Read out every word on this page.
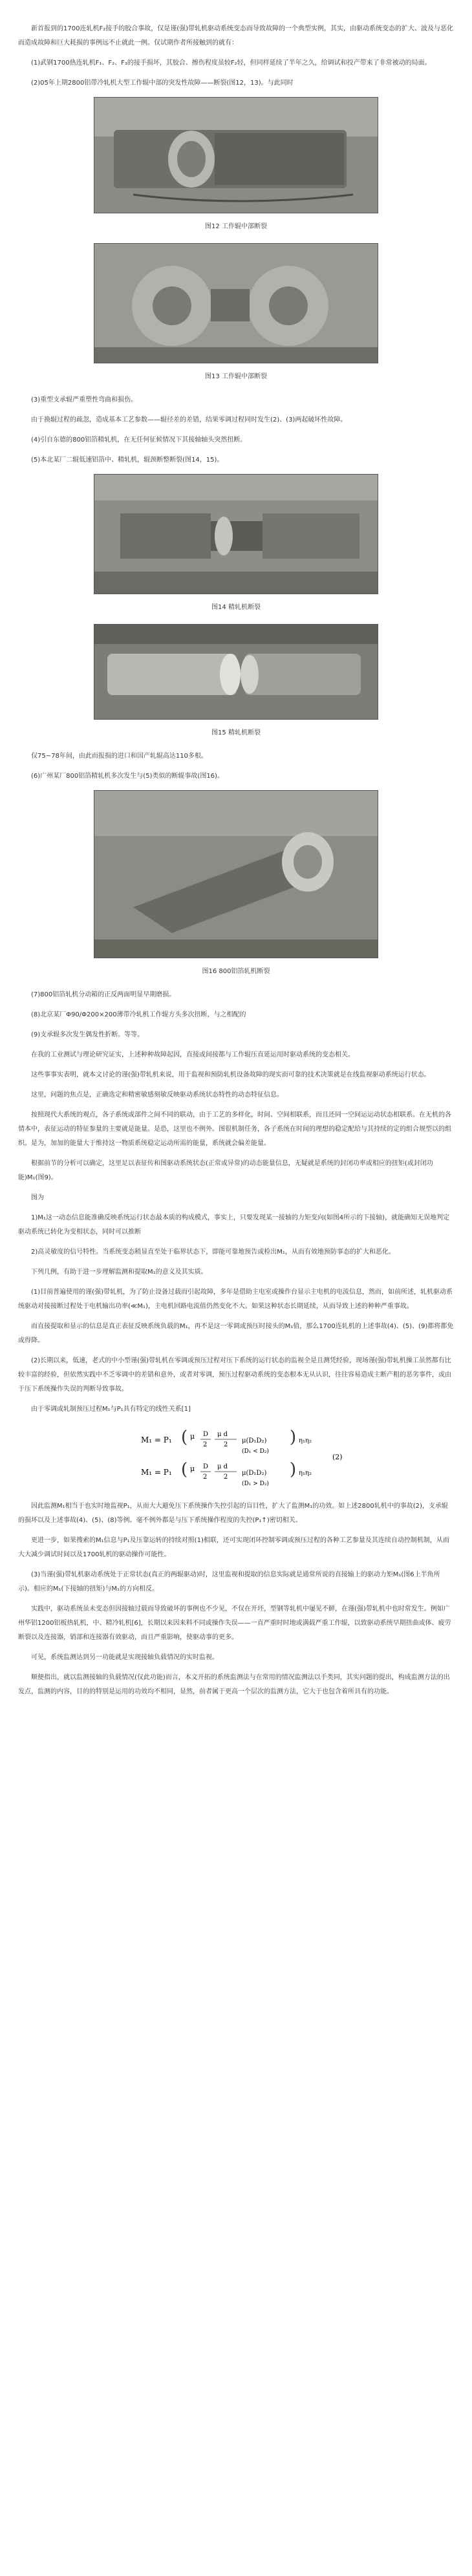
新首报到的1700连轧机F₂接手的胶合事故，仅是谨(强)带轧机驱动系统变态而导致故障的一个典型实例，其实，由驱动系统变态的扩大、波及与恶化而造成故障和巨大耗损的事例远不止就此一例。仅试期作者所接触到的就有：

(1)武钢1700热连轧机F₁、F₂、F₃的接手损坏，其胶合、擦伤程度虽较F₂轻，但同样延续了半年之久，给调试和投产带来了非常被动的局面。

(2)05年上期2800铝带冷轧机大型工作辊中部的突发性故障——断裂(图12，13)。与此同时

图12 工作辊中部断裂
图13 工作辊中部断裂

(3)重型支承辊严重塑性弯曲和损伤。

由于换辊过程的疏忽，造成基本工艺参数——辊径差的差错，结果零调过程同时发生(2)、(3)两起破坏性故障。

(4)引自东德的800铝箔精轧机，在无任何征候情况下其接轴轴头突然扭断。

(5)本北某厂二辊低速铝箔中、精轧机，辊颈断整断裂(图14，15)。

图14 精轧机断裂
图15 精轧机断裂

仅75~78年间，由此而报损的进口和国产轧辊高达110多根。

(6)广州某厂800铝箔精轧机多次发生与(5)类似的断辊事故(图16)。

图16 800铝箔轧机断裂

(7)800铝箔轧机分动箱的正反两面明显早期磨损。

(8)北京某厂Φ90/Φ200×200薄带冷轧机工作辊方头多次扭断，与之相配的

(9)支承辊多次发生偶发性折断。等等。

在我的工业测试与理论研究证实，上述种种故障起因，直接或间接都与工作辊压直延运用时驱动系统的变态相关。

这些事事实表明，就本文讨论的谨(强)带轧机来说，用于监视和预防轧机设备故障的现实而可靠的技术决策就是在线监视驱动系统运行状态。

这里，问题的焦点是，正确选定和精密敏感刻敏反映驱动系统状态特性的动态特征信息。

按照现代大系统的观点，各子系统或部件之间不同的联动，由于工艺的多样化，时间、空间相联系，而且还同一空间运运动状态相联系。在无机的各情本中，表征运动的特征参量的主要就是能量。是恐，这里也不例外。图很机制任务，各子系统在时间的理想的稳定配给与其持续的定的组合规型以的组织。是为，加加的能量大于维持这一物质系统稳定运动所需的能量，系统就会偏差能量。

根据前节的分析可以确定，这里足以表征传和图驱动系统状态(正常或异常)的动态能量信息，无疑就是系统的封闭功率或相应的扭矩(或封闭功能)M₁(图9)。

图为

1)M₁这一动态信息能准确反映系统运行状态最本质的构成模式，事实上，只要发现某一接轴的力矩变向(如图4所示的下接轴)，就能确知无误地判定驱动系统已转化为变相状态，同时可以推断

2)高灵敏度的信号特性。当系统变态稍显直至处于临界状态下，即能可靠地预告或检出M₁，从而有效地预防事态的扩大和恶化。

下列几例，有助于进一步理解监测和提取M₁的意义及其实质。

(1)目前普遍使用的谨(强)带轧机，为了防止设备过载而引起故障，多年是借助主电室或操作台显示主电机的电流信息，然而，如前所述，轧机驱动系统驱动对接接断过程处于电机输出功率(≪M₁)，主电机回路电流值仍然变化不大。如果这种状态长期延续，从而导致上述的种种严重事故。

而直接提取和显示的信息是真正表征反映系统负载的M₁，再不是这一零调或预压时接头的M₁值，那么1700连轧机的上述事故(4)、(5)、(9)都将都免或得降。

(2)长期以来，低速，老式的中小型谨(强)带轧机在零调或预压过程对压下系统的运行状态的监视全是且测凭经验，现场谨(强)带轧机操工虽然都有比较丰富的经验，但依然实践中不乏零调中的差错和意外，或者对零调，预压过程驱动系统的变态根本无从认识，往往容易造成主断产粗的恶劣事件，或由于压下系统操作失误的判断导致事故。

由于零调或轧制预压过程M₁与P₁具有特定的线性关系[1]

M₁ = P₁ ( μ D
2
μ d
2
μ(D₁D₂) ) η₁η₂
(D₁ < D₂)
M₁ = P₁ ( μ D
2
μ d
2
μ(D₁D₂) ) η₁η₂
(D₁ > D₂)
(2)

因此监测M₁相当于也实时地监视P₁，从而大大避免压下系统操作失控引起的盲目性，扩大了监测M₁的功效。如上述2800轧机中的事故(2)，支承辊的损坏以及上述事故(4)、(5)、(8)等例。毫不例外都是与压下系统操作程度的失控(P₁↑)密切相关。

更进一步，如果搜索的M₁信息与P₁及压靠运转的持续对照(1)相联，还可实现闭环控制零调或预压过程的各种工艺参量及其连续自动控制机制，从而大大减少调试时间以及1700轧机的驱动操作可能性。

(3)当谨(强)带轧机驱动系统处于正常状态(真正的两辊驱动)时，这里监视和提取的信息实际就是通常所说的直接输上的驱动力矩M₁(图6上半角所示)。相应的M₁(下接轴的扭矩)与M₁的方向相反。

实践中，驱动系统虽未变态但因接轴过载而导致破坏的事例也不少见，不仅在开坯，型钢等轧机中屡见不鲜，在谨(强)带轧机中也时常发生。例如广州华铝1200铝板热轧机，中、精冷轧机[6]，长期以来因来料不同或操作失误——一直严重时时地或满载严重工作辊，以致驱动系统早期扭曲或体、疲劳断裂以及连接器，销部和连接器有效驱动，而且严重影响，使驱动事的更多。

可见，系统监测达到另一功能就是实现接轴负载情况的实时监视。

顺便指出，就以监测接轴的负载情况(仅此功能)而言，本文开拓的系统监测法与在常用的情况监测法以手类同，其实问题的提出，构成监测方法的出发点，监测的内容，目的的特别是运用的功效均不相同，显然，前者属于更高一个层次的监测方法，它大于也包含着所具有的功能。
